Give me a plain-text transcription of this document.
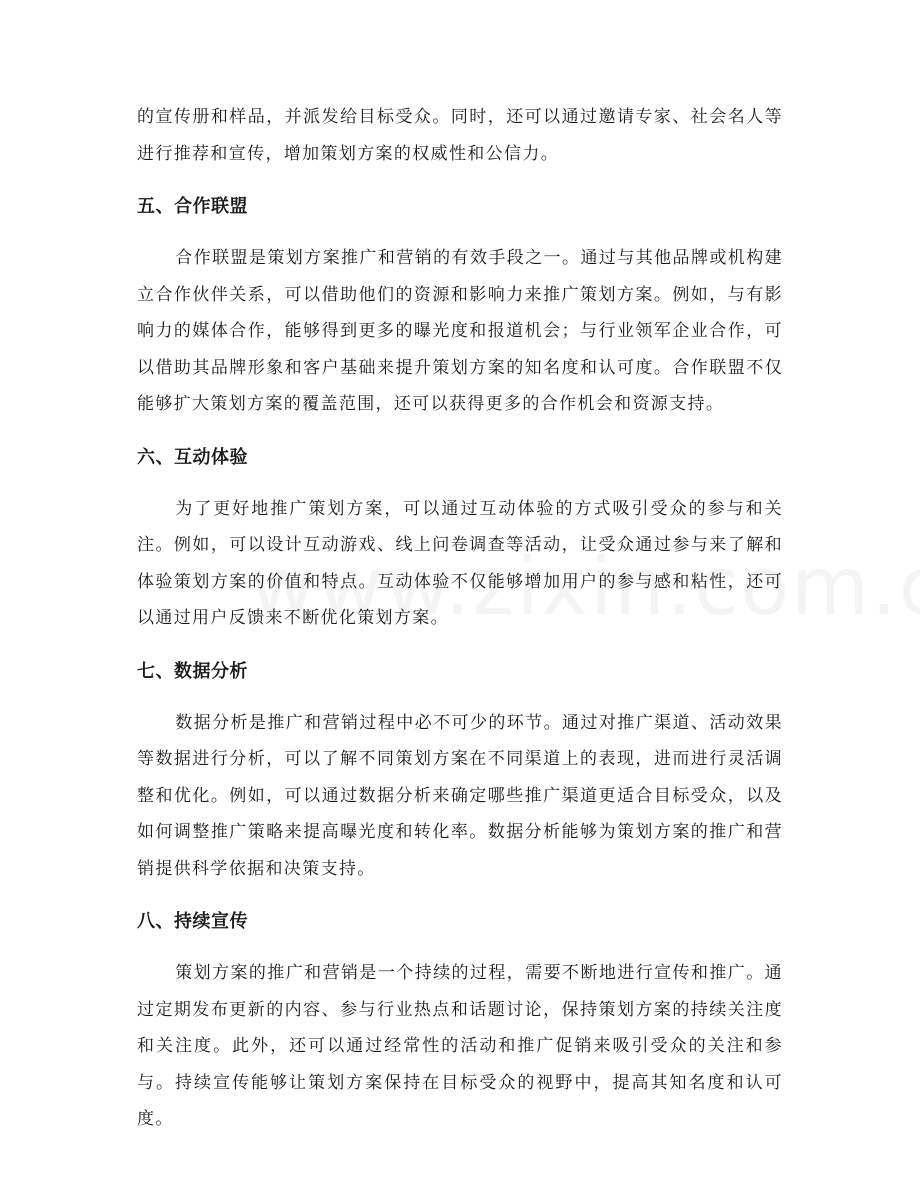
的宣传册和样品，并派发给目标受众。同时，还可以通过邀请专家、社会名人等进行推荐和宣传，增加策划方案的权威性和公信力。

五、合作联盟

合作联盟是策划方案推广和营销的有效手段之一。通过与其他品牌或机构建立合作伙伴关系，可以借助他们的资源和影响力来推广策划方案。例如，与有影响力的媒体合作，能够得到更多的曝光度和报道机会；与行业领军企业合作，可以借助其品牌形象和客户基础来提升策划方案的知名度和认可度。合作联盟不仅能够扩大策划方案的覆盖范围，还可以获得更多的合作机会和资源支持。

六、互动体验

为了更好地推广策划方案，可以通过互动体验的方式吸引受众的参与和关注。例如，可以设计互动游戏、线上问卷调查等活动，让受众通过参与来了解和体验策划方案的价值和特点。互动体验不仅能够增加用户的参与感和粘性，还可以通过用户反馈来不断优化策划方案。

七、数据分析

数据分析是推广和营销过程中必不可少的环节。通过对推广渠道、活动效果等数据进行分析，可以了解不同策划方案在不同渠道上的表现，进而进行灵活调整和优化。例如，可以通过数据分析来确定哪些推广渠道更适合目标受众，以及如何调整推广策略来提高曝光度和转化率。数据分析能够为策划方案的推广和营销提供科学依据和决策支持。

八、持续宣传

策划方案的推广和营销是一个持续的过程，需要不断地进行宣传和推广。通过定期发布更新的内容、参与行业热点和话题讨论，保持策划方案的持续关注度和关注度。此外，还可以通过经常性的活动和推广促销来吸引受众的关注和参与。持续宣传能够让策划方案保持在目标受众的视野中，提高其知名度和认可度。
